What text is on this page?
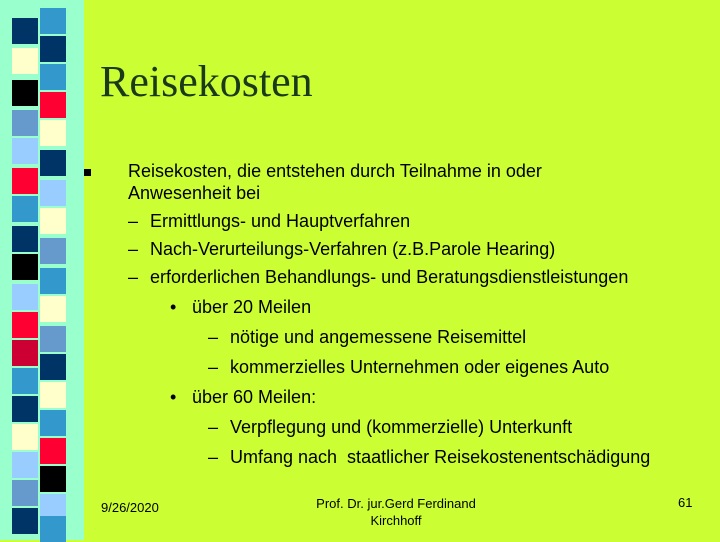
Reisekosten
Reisekosten, die entstehen durch Teilnahme in oder
Anwesenheit bei
– Ermittlungs- und Hauptverfahren
– Nach-Verurteilungs-Verfahren (z.B.Parole Hearing)
– erforderlichen Behandlungs- und Beratungsdienstleistungen
• über 20 Meilen
– nötige und angemessene Reisemittel
– kommerzielles Unternehmen oder eigenes Auto
• über 60 Meilen:
– Verpflegung und (kommerzielle) Unterkunft
– Umfang nach  staatlicher Reisekostenentschädigung
9/26/2020	Prof. Dr. jur.Gerd Ferdinand
Kirchhoff
61
